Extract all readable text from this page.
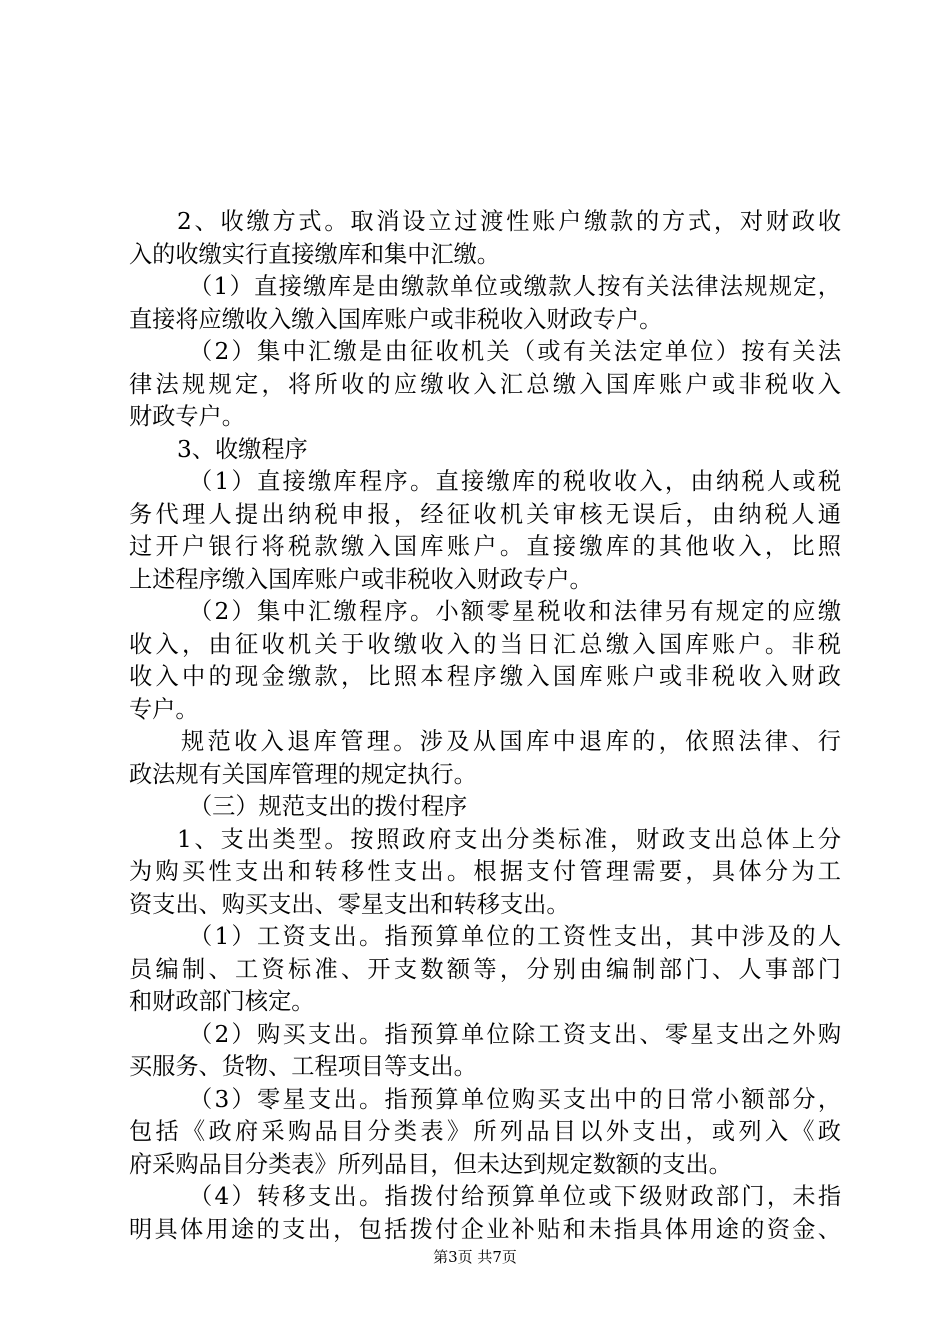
2、收缴方式。取消设立过渡性账户缴款的方式，对财政收
入的收缴实行直接缴库和集中汇缴。
（1）直接缴库是由缴款单位或缴款人按有关法律法规规定，
直接将应缴收入缴入国库账户或非税收入财政专户。
（2）集中汇缴是由征收机关（或有关法定单位）按有关法
律法规规定，将所收的应缴收入汇总缴入国库账户或非税收入
财政专户。
3、收缴程序
（1）直接缴库程序。直接缴库的税收收入，由纳税人或税
务代理人提出纳税申报，经征收机关审核无误后，由纳税人通
过开户银行将税款缴入国库账户。直接缴库的其他收入，比照
上述程序缴入国库账户或非税收入财政专户。
（2）集中汇缴程序。小额零星税收和法律另有规定的应缴
收入，由征收机关于收缴收入的当日汇总缴入国库账户。非税
收入中的现金缴款，比照本程序缴入国库账户或非税收入财政
专户。
规范收入退库管理。涉及从国库中退库的，依照法律、行
政法规有关国库管理的规定执行。
（三）规范支出的拨付程序
1、支出类型。按照政府支出分类标准，财政支出总体上分
为购买性支出和转移性支出。根据支付管理需要，具体分为工
资支出、购买支出、零星支出和转移支出。
（1）工资支出。指预算单位的工资性支出，其中涉及的人
员编制、工资标准、开支数额等，分别由编制部门、人事部门
和财政部门核定。
（2）购买支出。指预算单位除工资支出、零星支出之外购
买服务、货物、工程项目等支出。
（3）零星支出。指预算单位购买支出中的日常小额部分，
包括《政府采购品目分类表》所列品目以外支出，或列入《政
府采购品目分类表》所列品目，但未达到规定数额的支出。
（4）转移支出。指拨付给预算单位或下级财政部门，未指
明具体用途的支出，包括拨付企业补贴和未指具体用途的资金、
第3页 共7页
